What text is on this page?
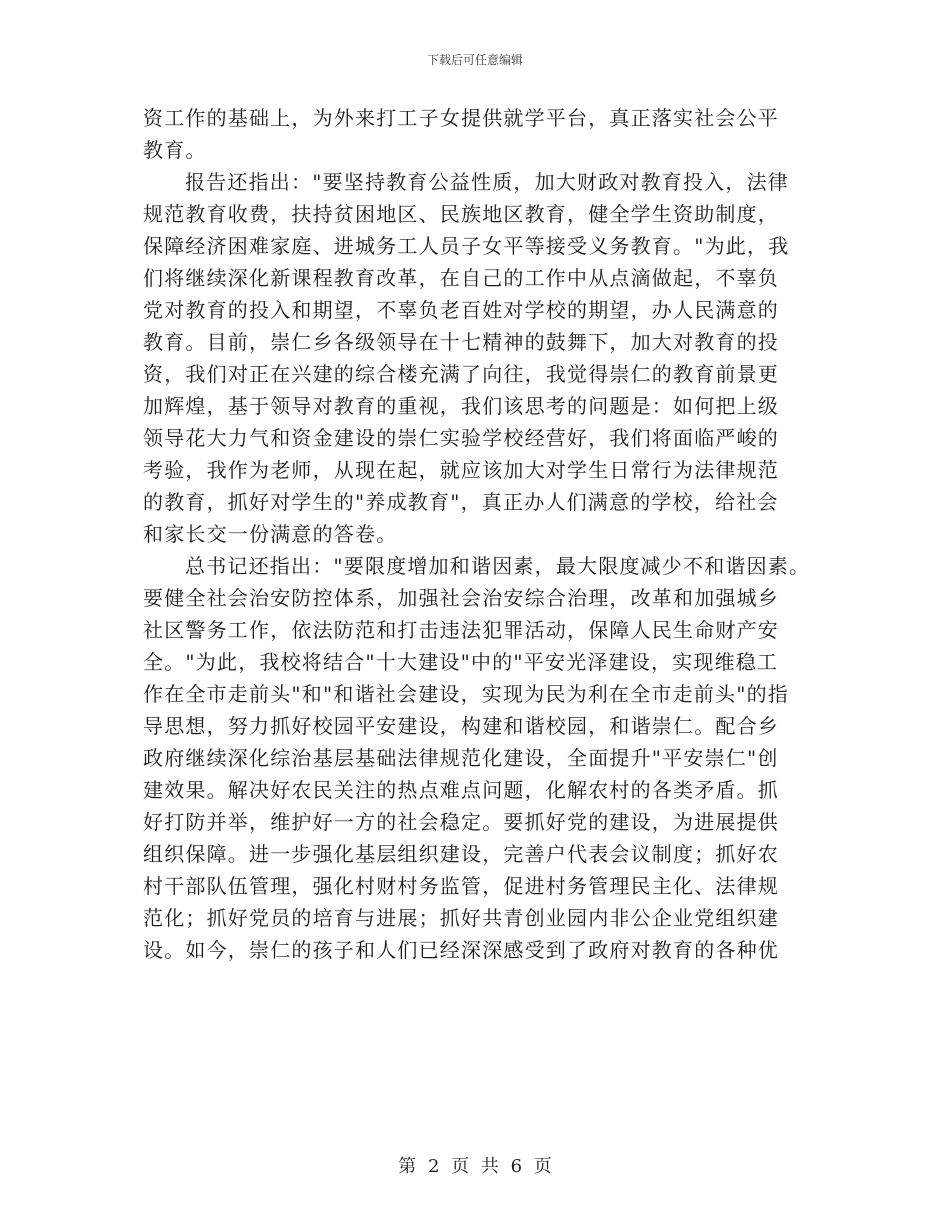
下载后可任意编辑
资工作的基础上，为外来打工子女提供就学平台，真正落实社会公平
教育。
报告还指出："要坚持教育公益性质，加大财政对教育投入，法律
规范教育收费，扶持贫困地区、民族地区教育，健全学生资助制度，
保障经济困难家庭、进城务工人员子女平等接受义务教育。"为此，我
们将继续深化新课程教育改革，在自己的工作中从点滴做起，不辜负
党对教育的投入和期望，不辜负老百姓对学校的期望，办人民满意的
教育。目前，崇仁乡各级领导在十七精神的鼓舞下，加大对教育的投
资，我们对正在兴建的综合楼充满了向往，我觉得崇仁的教育前景更
加辉煌，基于领导对教育的重视，我们该思考的问题是：如何把上级
领导花大力气和资金建设的崇仁实验学校经营好，我们将面临严峻的
考验，我作为老师，从现在起，就应该加大对学生日常行为法律规范
的教育，抓好对学生的"养成教育"，真正办人们满意的学校，给社会
和家长交一份满意的答卷。
总书记还指出："要限度增加和谐因素，最大限度减少不和谐因素。
要健全社会治安防控体系，加强社会治安综合治理，改革和加强城乡
社区警务工作，依法防范和打击违法犯罪活动，保障人民生命财产安
全。"为此，我校将结合"十大建设"中的"平安光泽建设，实现维稳工
作在全市走前头"和"和谐社会建设，实现为民为利在全市走前头"的指
导思想，努力抓好校园平安建设，构建和谐校园，和谐崇仁。配合乡
政府继续深化综治基层基础法律规范化建设，全面提升"平安崇仁"创
建效果。解决好农民关注的热点难点问题，化解农村的各类矛盾。抓
好打防并举，维护好一方的社会稳定。要抓好党的建设，为进展提供
组织保障。进一步强化基层组织建设，完善户代表会议制度；抓好农
村干部队伍管理，强化村财村务监管，促进村务管理民主化、法律规
范化；抓好党员的培育与进展；抓好共青创业园内非公企业党组织建
设。如今，崇仁的孩子和人们已经深深感受到了政府对教育的各种优
第 2 页 共 6 页
